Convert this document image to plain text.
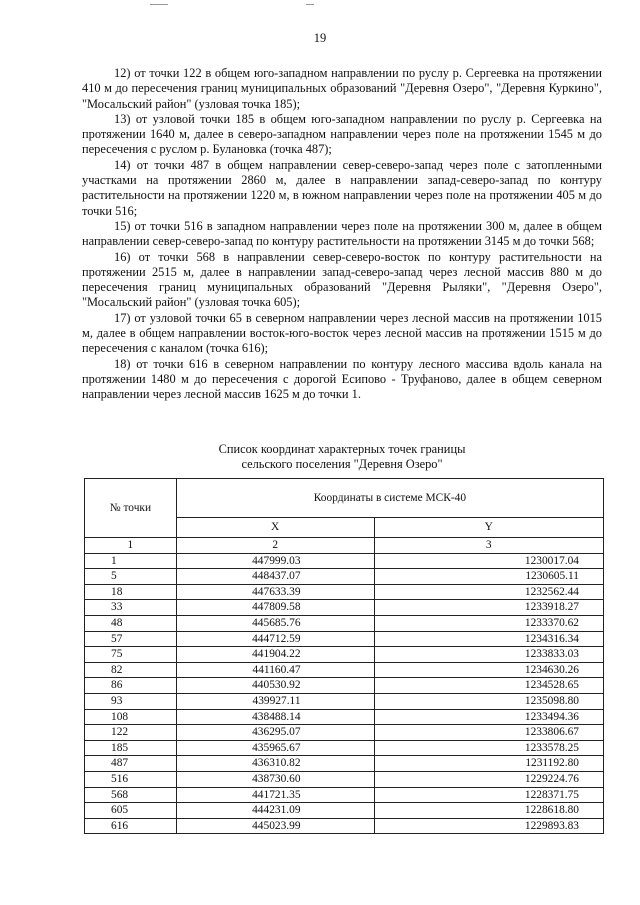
19

12) от точки 122 в общем юго-западном направлении по руслу р. Сергеевка на протяжении 410 м до пересечения границ муниципальных образований "Деревня Озеро", "Деревня Куркино", "Мосальский район" (узловая точка 185);

13) от узловой точки 185 в общем юго-западном направлении по руслу р. Сергеевка на протяжении 1640 м, далее в северо-западном направлении через поле на протяжении 1545 м до пересечения с руслом р. Булановка (точка 487);

14) от точки 487 в общем направлении север-северо-запад через поле с затопленными участками на протяжении 2860 м, далее в направлении запад-северо-запад по контуру растительности на протяжении 1220 м, в южном направлении через поле на протяжении 405 м до точки 516;

15) от точки 516 в западном направлении через поле на протяжении 300 м, далее в общем направлении север-северо-запад по контуру растительности на протяжении 3145 м до точки 568;

16) от точки 568 в направлении север-северо-восток по контуру растительности на протяжении 2515 м, далее в направлении запад-северо-запад через лесной массив 880 м до пересечения границ муниципальных образований "Деревня Рыляки", "Деревня Озеро", "Мосальский район" (узловая точка 605);

17) от узловой точки 65 в северном направлении через лесной массив на протяжении 1015 м, далее в общем направлении восток-юго-восток через лесной массив на протяжении 1515 м до пересечения с каналом (точка 616);

18) от точки 616 в северном направлении по контуру лесного массива вдоль канала на протяжении 1480 м до пересечения с дорогой Есипово - Труфаново, далее в общем северном направлении через лесной массив 1625 м до точки 1.

Список координат характерных точек границы
сельского поселения "Деревня Озеро"
№ точки	Координаты в системе МСК-40	
	X	Y
1	2	3
1	447999.03	1230017.04
5	448437.07	1230605.11
18	447633.39	1232562.44
33	447809.58	1233918.27
48	445685.76	1233370.62
57	444712.59	1234316.34
75	441904.22	1233833.03
82	441160.47	1234630.26
86	440530.92	1234528.65
93	439927.11	1235098.80
108	438488.14	1233494.36
122	436295.07	1233806.67
185	435965.67	1233578.25
487	436310.82	1231192.80
516	438730.60	1229224.76
568	441721.35	1228371.75
605	444231.09	1228618.80
616	445023.99	1229893.83
